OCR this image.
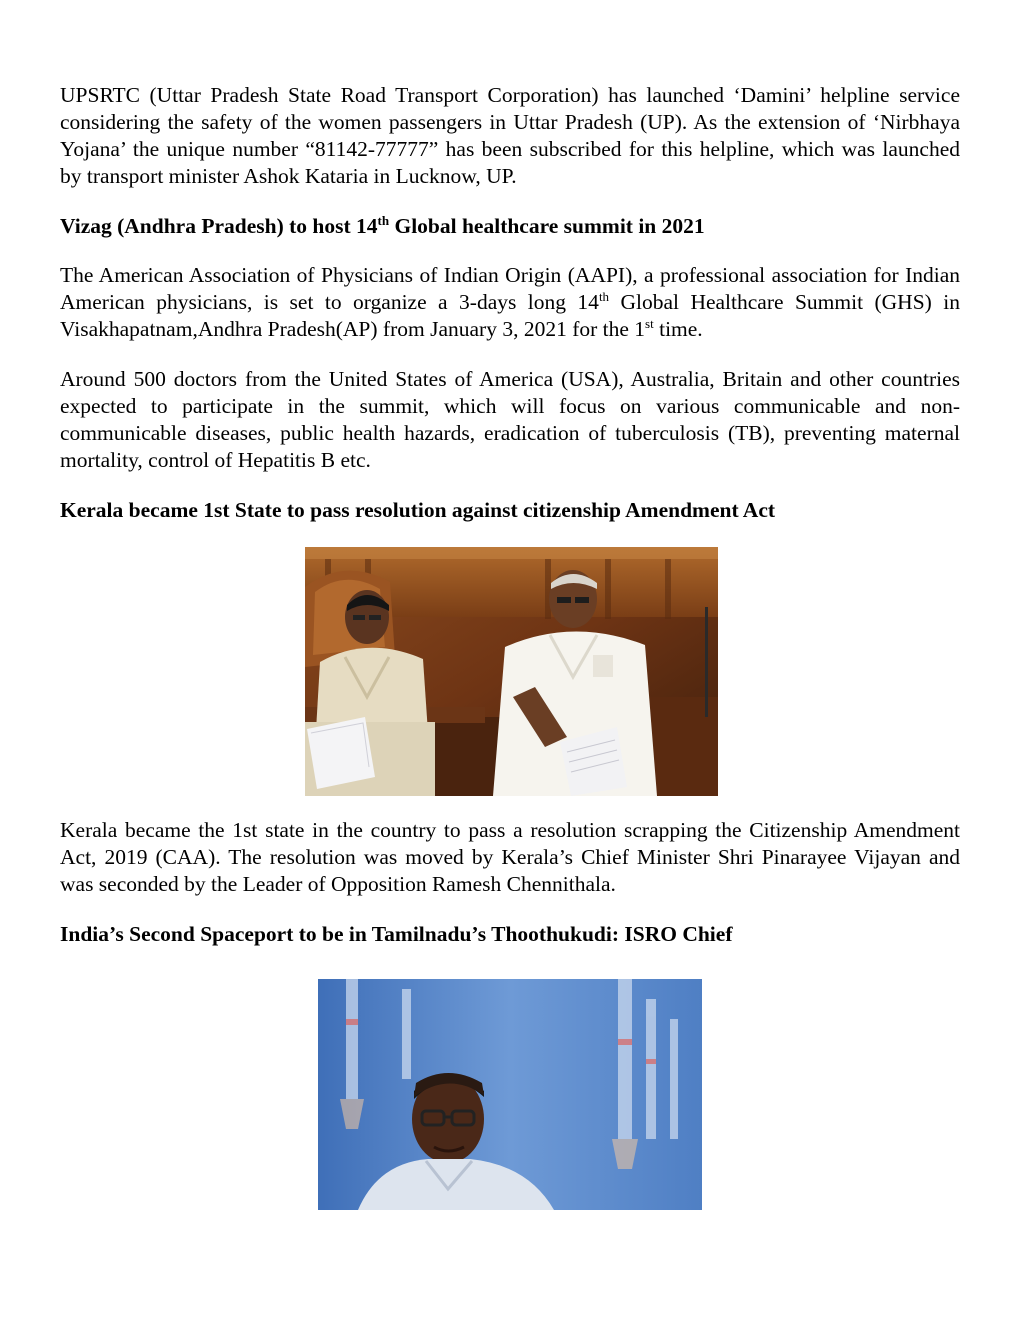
UPSRTC (Uttar Pradesh State Road Transport Corporation) has launched ‘Damini’ helpline service considering the safety of the women passengers in Uttar Pradesh (UP). As the extension of ‘Nirbhaya Yojana’ the unique number “81142-77777” has been subscribed for this helpline, which was launched by transport minister Ashok Kataria in Lucknow, UP.

Vizag (Andhra Pradesh) to host 14th Global healthcare summit in 2021

The American Association of Physicians of Indian Origin (AAPI), a professional association for Indian American physicians, is set to organize a 3-days long 14th Global Healthcare Summit (GHS) in Visakhapatnam,Andhra Pradesh(AP) from January 3, 2021 for the 1st time.

Around 500 doctors from the United States of America (USA), Australia, Britain and other countries expected to participate in the summit, which will focus on various communicable and non-communicable diseases, public health hazards, eradication of tuberculosis (TB), preventing maternal mortality, control of Hepatitis B etc.

Kerala became 1st State to pass resolution against citizenship Amendment Act

Kerala became the 1st state in the country to pass a resolution scrapping the Citizenship Amendment Act, 2019 (CAA). The resolution was moved by Kerala’s Chief Minister Shri Pinarayee Vijayan and was seconded by the Leader of Opposition Ramesh Chennithala.

India’s Second Spaceport to be in Tamilnadu’s Thoothukudi: ISRO Chief
